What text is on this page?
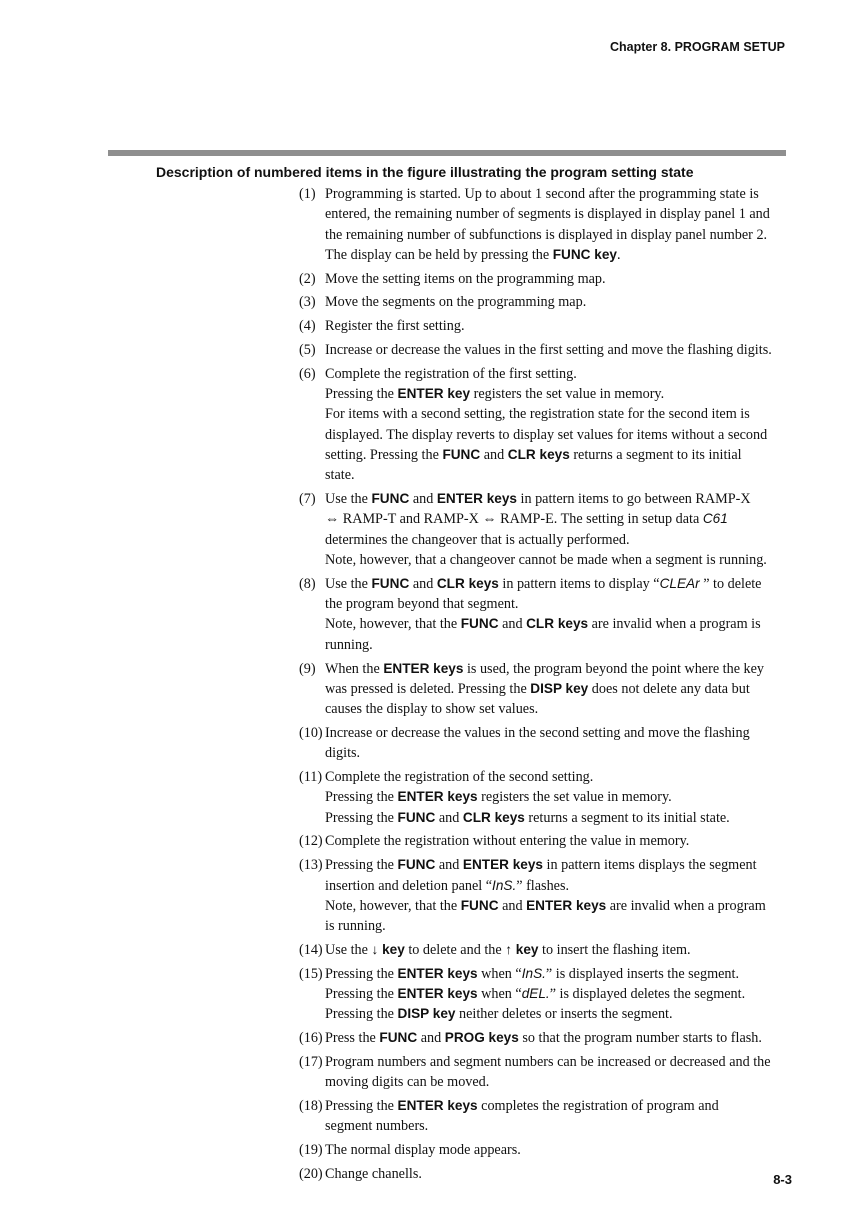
Chapter 8. PROGRAM SETUP
Description of numbered items in the figure illustrating the program setting state
(1) Programming is started. Up to about 1 second after the programming state is
entered, the remaining number of segments is displayed in display panel 1 and
the remaining number of subfunctions is displayed in display panel number 2.
The display can be held by pressing the FUNC key.
(2) Move the setting items on the programming map.
(3) Move the segments on the programming map.
(4) Register the first setting.
(5) Increase or decrease the values in the first setting and move the flashing digits.
(6) Complete the registration of the first setting.
Pressing the ENTER key registers the set value in memory.
For items with a second setting, the registration state for the second item is
displayed. The display reverts to display set values for items without a second
setting. Pressing the FUNC and CLR keys returns a segment to its initial
state.
(7) Use the FUNC and ENTER keys in pattern items to go between RAMP-X
⇔ RAMP-T and RAMP-X ⇔ RAMP-E. The setting in setup data C61
determines the changeover that is actually performed.
Note, however, that a changeover cannot be made when a segment is running.
(8) Use the FUNC and CLR keys in pattern items to display “CLEAr ” to delete
the program beyond that segment.
Note, however, that the FUNC and CLR keys are invalid when a program is
running.
(9) When the ENTER keys is used, the program beyond the point where the key
was pressed is deleted. Pressing the DISP key does not delete any data but
causes the display to show set values.
(10) Increase or decrease the values in the second setting and move the flashing
digits.
(11) Complete the registration of the second setting.
Pressing the ENTER keys registers the set value in memory.
Pressing the FUNC and CLR keys returns a segment to its initial state.
(12) Complete the registration without entering the value in memory.
(13) Pressing the FUNC and ENTER keys in pattern items displays the segment
insertion and deletion panel “InS.” flashes.
Note, however, that the FUNC and ENTER keys are invalid when a program
is running.
(14) Use the ↓ key to delete and the ↑ key to insert the flashing item.
(15) Pressing the ENTER keys when “InS.” is displayed inserts the segment.
Pressing the ENTER keys when “dEL.” is displayed deletes the segment.
Pressing the DISP key neither deletes or inserts the segment.
(16) Press the FUNC and PROG keys so that the program number starts to flash.
(17) Program numbers and segment numbers can be increased or decreased and the
moving digits can be moved.
(18) Pressing the ENTER keys completes the registration of program and
segment numbers.
(19) The normal display mode appears.
(20) Change chanells.	8-3
